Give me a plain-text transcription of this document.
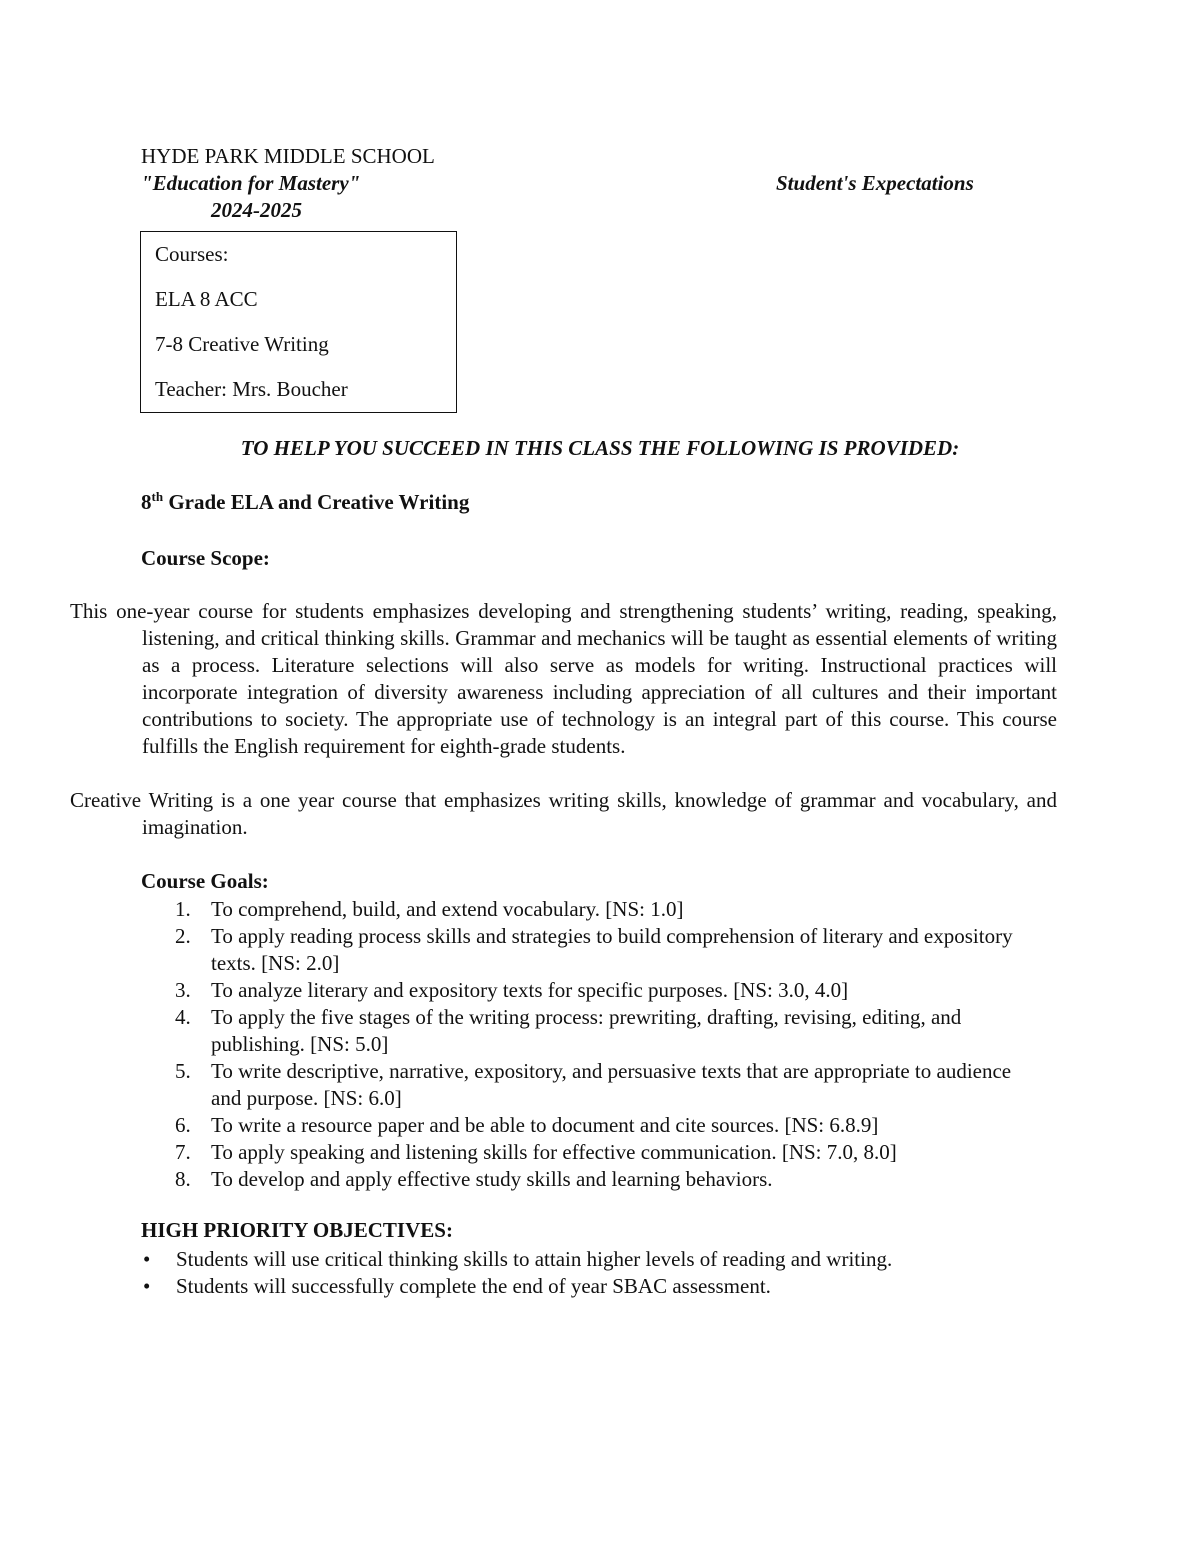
HYDE PARK MIDDLE SCHOOL
"Education for Mastery"	Student's Expectations
2024-2025

Courses:

ELA 8 ACC

7-8 Creative Writing

Teacher: Mrs. Boucher

TO HELP YOU SUCCEED IN THIS CLASS THE FOLLOWING IS PROVIDED:
8th Grade ELA and Creative Writing
Course Scope:
This one-year course for students emphasizes developing and strengthening students’ writing, reading, speaking, listening, and critical thinking skills. Grammar and mechanics will be taught as essential elements of writing as a process. Literature selections will also serve as models for writing. Instructional practices will incorporate integration of diversity awareness including appreciation of all cultures and their important contributions to society. The appropriate use of technology is an integral part of this course. This course fulfills the English requirement for eighth-grade students.
Creative Writing is a one year course that emphasizes writing skills, knowledge of grammar and vocabulary, and imagination.
Course Goals:
1. To comprehend, build, and extend vocabulary. [NS: 1.0]
2. To apply reading process skills and strategies to build comprehension of literary and expository texts. [NS: 2.0]
3. To analyze literary and expository texts for specific purposes. [NS: 3.0, 4.0]
4. To apply the five stages of the writing process: prewriting, drafting, revising, editing, and publishing. [NS: 5.0]
5. To write descriptive, narrative, expository, and persuasive texts that are appropriate to audience and purpose. [NS: 6.0]
6. To write a resource paper and be able to document and cite sources. [NS: 6.8.9]
7. To apply speaking and listening skills for effective communication. [NS: 7.0, 8.0]
8. To develop and apply effective study skills and learning behaviors.
HIGH PRIORITY OBJECTIVES:
• Students will use critical thinking skills to attain higher levels of reading and writing.
• Students will successfully complete the end of year SBAC assessment.
